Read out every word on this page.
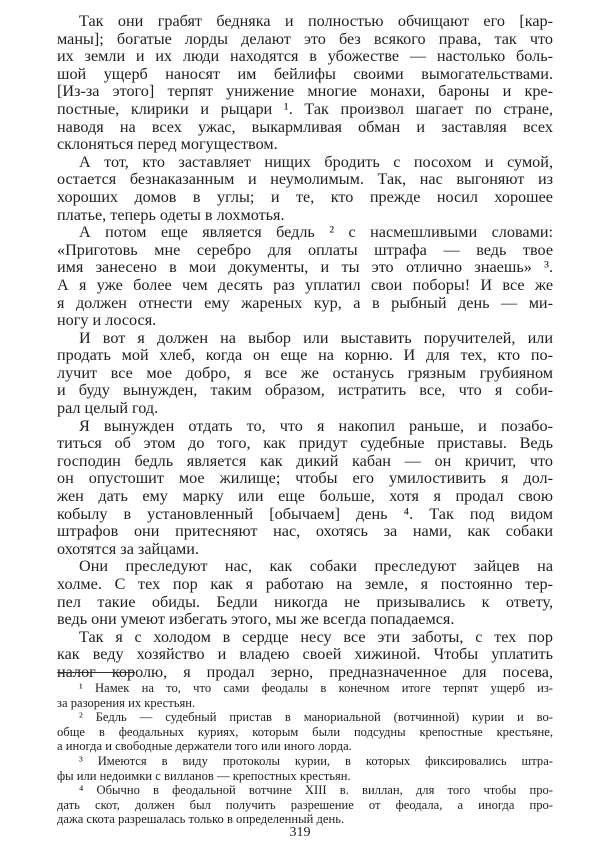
Так они грабят бедняка и полностью обчищают его [кар-
маны]; богатые лорды делают это без всякого права, так что
их земли и их люди находятся в убожестве — настолько боль-
шой ущерб наносят им бейлифы своими вымогательствами.
[Из-за этого] терпят унижение многие монахи, бароны и кре-
постные, клирики и рыцари ¹. Так произвол шагает по стране,
наводя на всех ужас, выкармливая обман и заставляя всех
склоняться перед могуществом.
А тот, кто заставляет нищих бродить с посохом и сумой,
остается безнаказанным и неумолимым. Так, нас выгоняют из
хороших домов в углы; и те, кто прежде носил хорошее
платье, теперь одеты в лохмотья.
А потом еще является бедль ² с насмешливыми словами:
«Приготовь мне серебро для оплаты штрафа — ведь твое
имя занесено в мои документы, и ты это отлично знаешь» ³.
А я уже более чем десять раз уплатил свои поборы! И все же
я должен отнести ему жареных кур, а в рыбный день — ми-
ногу и лосося.
И вот я должен на выбор или выставить поручителей, или
продать мой хлеб, когда он еще на корню. И для тех, кто по-
лучит все мое добро, я все же останусь грязным грубияном
и буду вынужден, таким образом, истратить все, что я соби-
рал целый год.
Я вынужден отдать то, что я накопил раньше, и позабо-
титься об этом до того, как придут судебные приставы. Ведь
господин бедль является как дикий кабан — он кричит, что
он опустошит мое жилище; чтобы его умилостивить я дол-
жен дать ему марку или еще больше, хотя я продал свою
кобылу в установленный [обычаем] день ⁴. Так под видом
штрафов они притесняют нас, охотясь за нами, как собаки
охотятся за зайцами.
Они преследуют нас, как собаки преследуют зайцев на
холме. С тех пор как я работаю на земле, я постоянно тер-
пел такие обиды. Бедли никогда не призывались к ответу,
ведь они умеют избегать этого, мы же всегда попадаемся.
Так я с холодом в сердце несу все эти заботы, с тех пор
как веду хозяйство и владею своей хижиной. Чтобы уплатить
налог королю, я продал зерно, предназначенное для посева,
¹ Намек на то, что сами феодалы в конечном итоге терпят ущерб из-
за разорения их крестьян.
² Бедль — судебный пристав в манориальной (вотчинной) курии и во-
обще в феодальных куриях, которым были подсудны крепостные крестьяне,
а иногда и свободные держатели того или иного лорда.
³ Имеются в виду протоколы курии, в которых фиксировались штра-
фы или недоимки с вилланов — крепостных крестьян.
⁴ Обычно в феодальной вотчине XIII в. виллан, для того чтобы про-
дать скот, должен был получить разрешение от феодала, а иногда про-
дажа скота разрешалась только в определенный день.
319
